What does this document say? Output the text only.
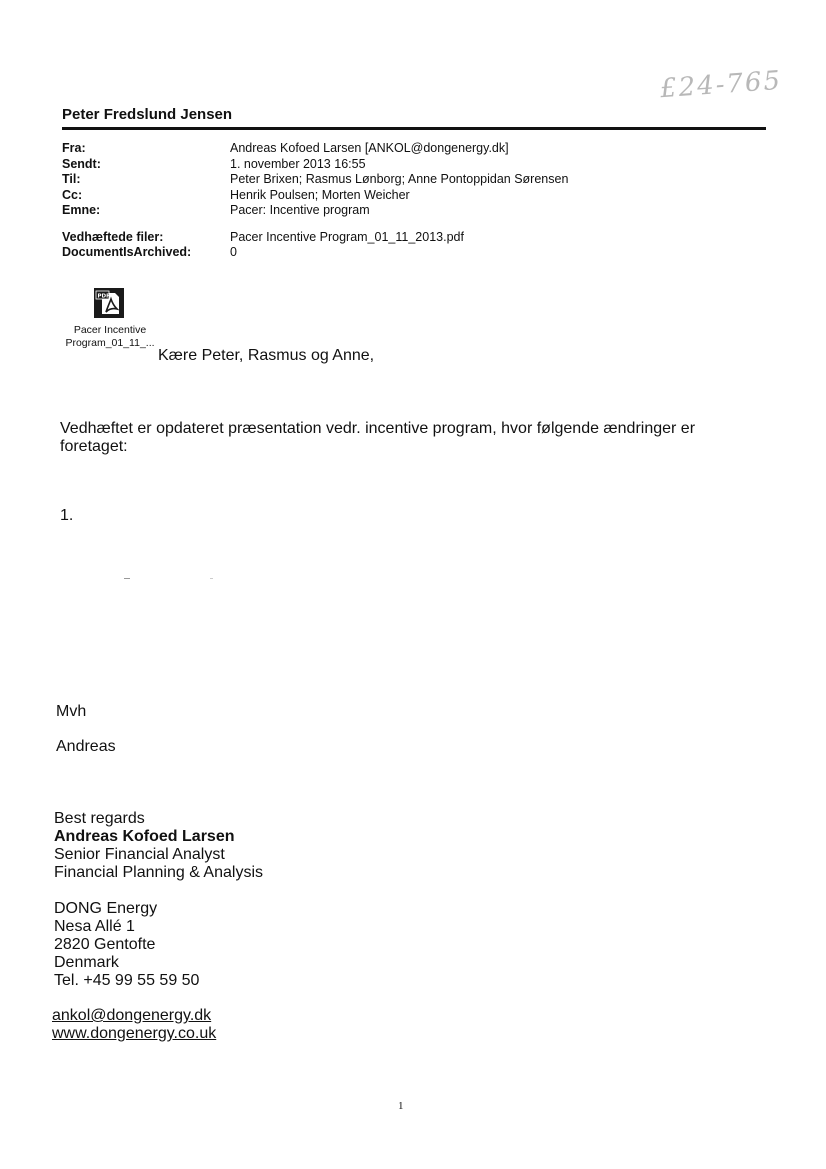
£24-765
Peter Fredslund Jensen
Fra:	Andreas Kofoed Larsen [ANKOL@dongenergy.dk]
Sendt:	1. november 2013 16:55
Til:	Peter Brixen; Rasmus Lønborg; Anne Pontoppidan Sørensen
Cc:	Henrik Poulsen; Morten Weicher
Emne:	Pacer: Incentive program
Vedhæftede filer:	Pacer Incentive Program_01_11_2013.pdf
DocumentIsArchived:	0
PDF
Pacer Incentive
Program_01_11_...
Kære Peter, Rasmus og Anne,
Vedhæftet er opdateret præsentation vedr. incentive program, hvor følgende ændringer er foretaget:
1.
Mvh
Andreas
Best regards
Andreas Kofoed Larsen
Senior Financial Analyst
Financial Planning & Analysis
DONG Energy
Nesa Allé 1
2820 Gentofte
Denmark
Tel. +45 99 55 59 50
ankol@dongenergy.dk
www.dongenergy.co.uk
1
